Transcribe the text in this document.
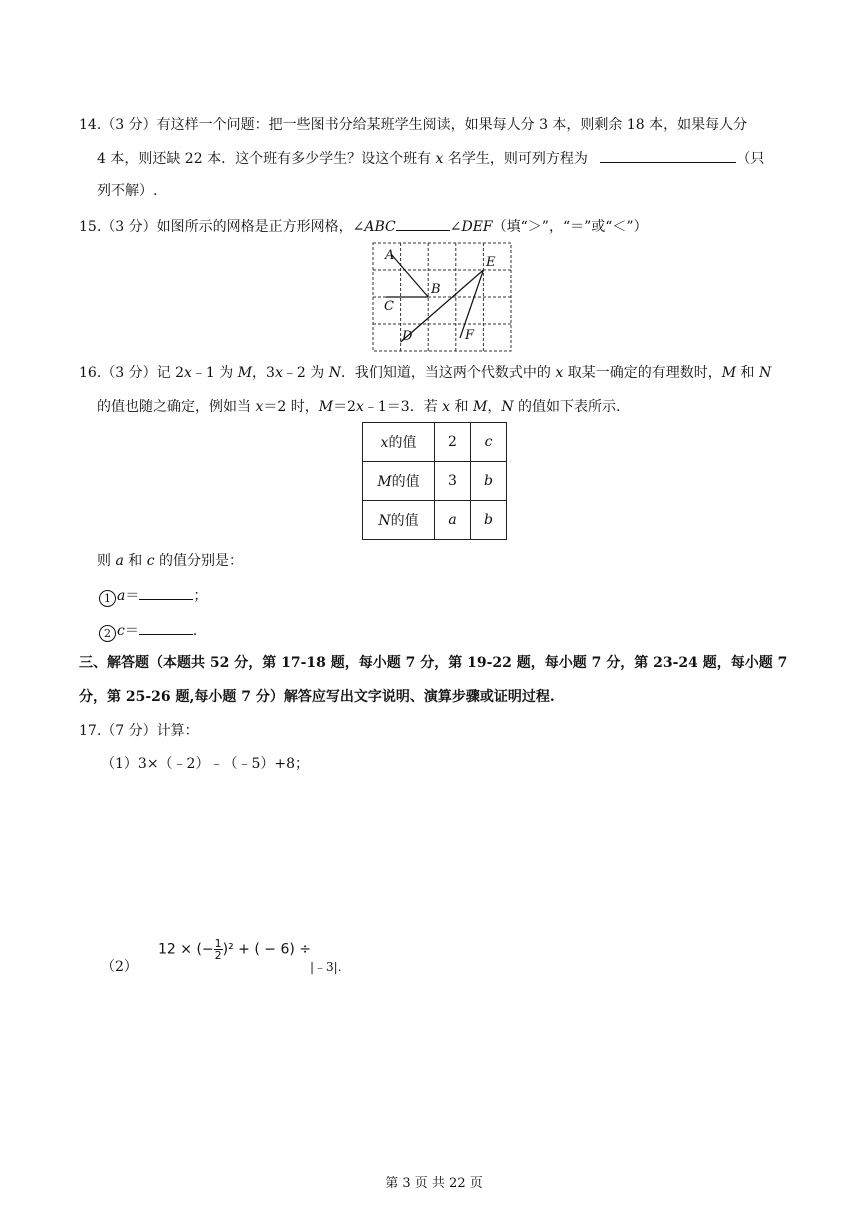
14.（3 分）有这样一个问题：把一些图书分给某班学生阅读，如果每人分 3 本，则剩余 18 本，如果每人分
4 本，则还缺 22 本．这个班有多少学生？设这个班有 x 名学生，则可列方程为	（只
列不解）.
15.（3 分）如图所示的网格是正方形网格，∠ABC	∠DEF（填“＞”，“＝”或“＜”）
A
B
C
D
E
F
16.（3 分）记 2x﹣1 为 M，3x﹣2 为 N．我们知道，当这两个代数式中的 x 取某一确定的有理数时，M 和 N
的值也随之确定，例如当 x＝2 时，M＝2x﹣1＝3．若 x 和 M，N 的值如下表所示.
x的值	2	c
M的值	3	b
N的值	a	b
则 a 和 c 的值分别是：
1 a＝	；
2 c＝	.
三、解答题（本题共 52 分，第 17-18 题，每小题 7 分，第 19-22 题，每小题 7 分，第 23-24 题，每小题 7
分，第 25-26 题,每小题 7 分）解答应写出文字说明、演算步骤或证明过程.
17.（7 分）计算：
（1）3×（﹣2）﹣（﹣5）+8；
（2）
12 × (− $\frac{1}{2} )^2$ + ( − 6) ÷
|﹣3|.
第 3 页 共 22 页
